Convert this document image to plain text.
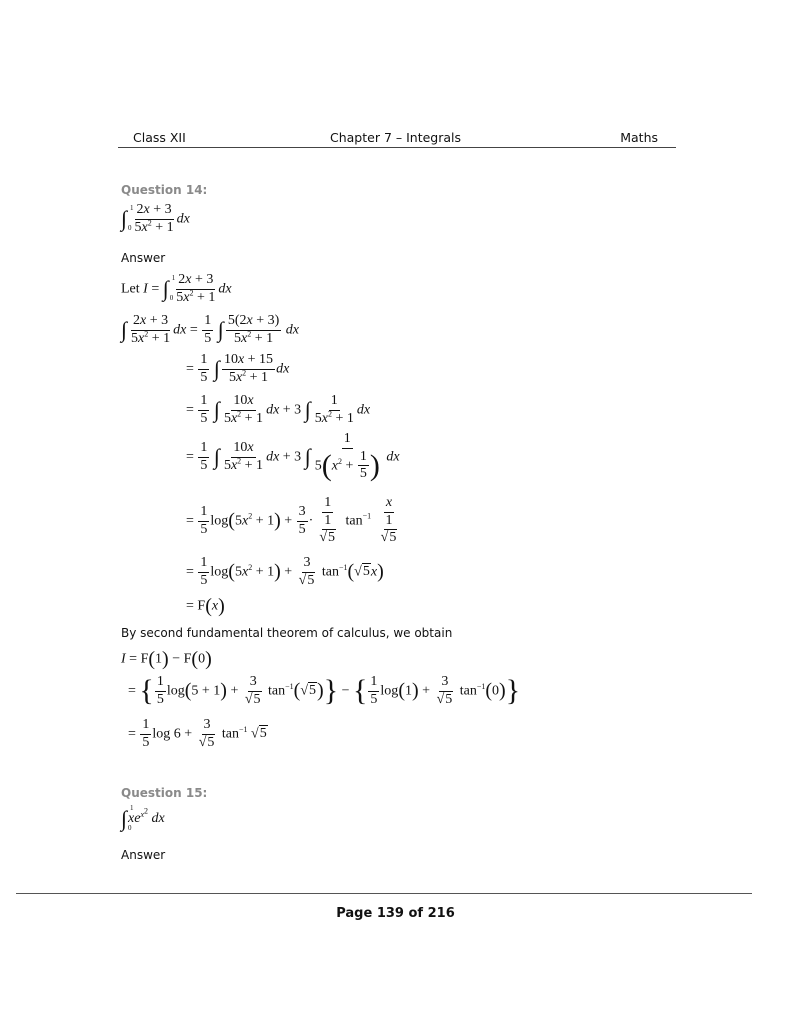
Class XII	Chapter 7 – Integrals	Maths
Question 14:
∫ 1
0
$\frac{2x + 3}{5x^2 + 1}$ dx
Answer
Let I = ∫ 1
0
$\frac{2x + 3}{5x^2 + 1}$ dx
∫ $\frac{2x + 3}{5x^2 + 1}$ dx = $\frac{1}{5}$ ∫ $\frac{5(2x + 3)}{5x^2 + 1}$ dx
= $\frac{1}{5}$ ∫ $\frac{10x + 15}{5x^2 + 1}$ dx
= $\frac{1}{5}$ ∫ $\frac{10x}{5x^2 + 1}$ dx + 3 ∫ $\frac{1}{5x^2 + 1}$ dx
= $\frac{1}{5}$ ∫ $\frac{10x}{5x^2 + 1}$ dx + 3 ∫ $\frac{1}{5(x^2 + \frac{1}{5} )}$ dx
= $\frac{1}{5} \log(5x^2 + 1) + \frac{3}{5} \cdot \frac{1}{\frac{1}{√5}} \tan^{-1} \frac{x}{\frac{1}{√5}}$
= $\frac{1}{5} \log(5x^2 + 1) + \frac{3}{√5} \tan^{-1}(√5x)$
= F(x)
By second fundamental theorem of calculus, we obtain
I = F(1) − F(0)
= { $\frac{1}{5} \log(5 + 1) + \frac{3}{√5} \tan^{-1}(√5)$} − { $\frac{1}{5} \log(1) + \frac{3}{√5} \tan^{-1}(0)$}
= $\frac{1}{5}$ $\log 6 + \frac{3}{√5} \tan^{-1} √5$
Question 15:
∫ 1
0
$xe^{x^2}$ dx
Answer
Page 139 of 216
